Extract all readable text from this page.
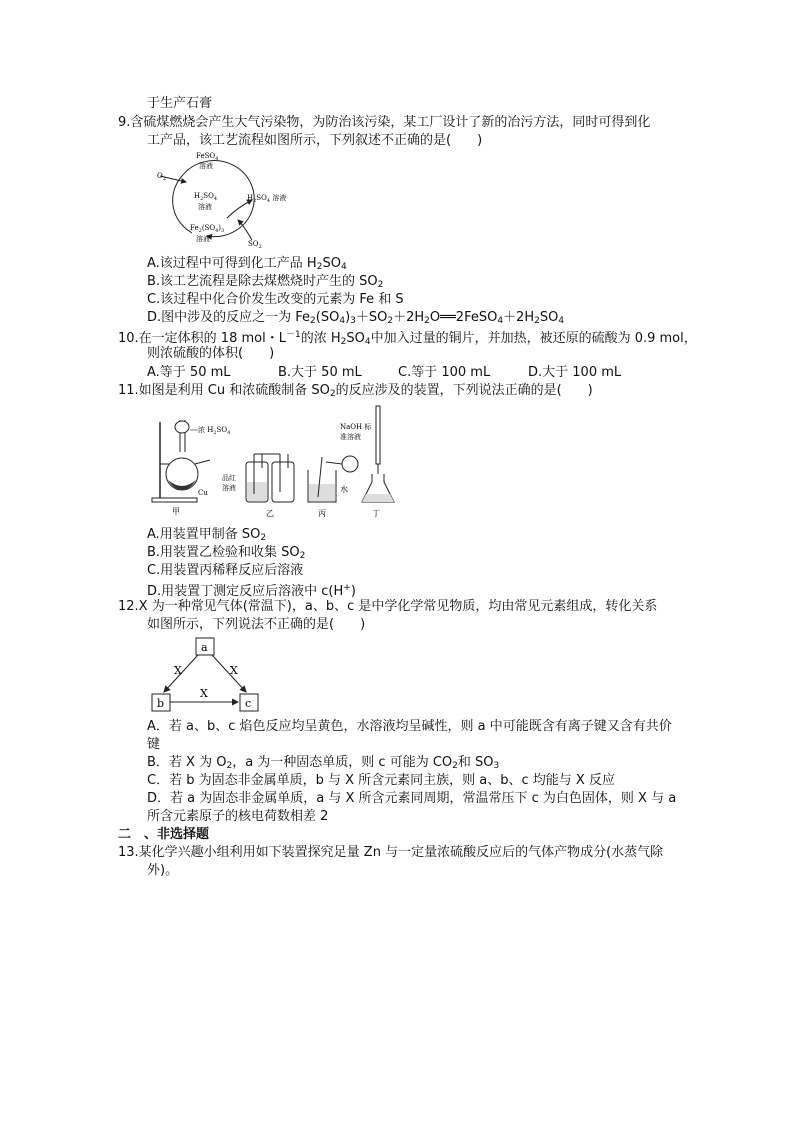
于生产石膏
9.含硫煤燃烧会产生大气污染物，为防治该污染，某工厂设计了新的冶污方法，同时可得到化
工产品，该工艺流程如图所示，下列叙述不正确的是(　　)
$O_2$
FeSO$_4$
溶液
$H_2SO_4$
溶液
$Fe_2(SO_4)_3$
溶液
$H_2SO_4$ 溶液
$SO_2$
A.该过程中可得到化工产品 $H_2SO_4$
B.该工艺流程是除去煤燃烧时产生的 $SO_2$
C.该过程中化合价发生改变的元素为 Fe 和 S
D.图中涉及的反应之一为 $Fe_2(SO_4)_3+SO_2+2H_2O══2FeSO_4+2H_2SO_4$
10.在一定体积的 18 mol・$L^{-1}$的浓 $H_2SO_4$中加入过量的铜片，并加热，被还原的硫酸为 0.9 mol，
则浓硫酸的体积(　　)
A.等于 50 mL	B.大于 50 mL	C.等于 100 mL	D.大于 100 mL
11.如图是利用 Cu 和浓硫酸制备 $SO_2$的反应涉及的装置，下列说法正确的是(　　)
浓 $H_2SO_4$
Cu
甲
品红
溶液
乙
水
丙
NaOH 标
准溶液
丁
A.用装置甲制备 $SO_2$
B.用装置乙检验和收集 $SO_2$
C.用装置丙稀释反应后溶液
D.用装置丁测定反应后溶液中 c(H+)
12.X 为一种常见气体(常温下)，a、b、c 是中学化学常见物质，均由常见元素组成，转化关系
如图所示，下列说法不正确的是(　　)
a
b	c
X	X
X
A．若 a、b、c 焰色反应均呈黄色，水溶液均呈碱性，则 a 中可能既含有离子键又含有共价
键
B．若 X 为 $O_2$，a 为一种固态单质，则 c 可能为 $CO_2$和 $SO_3$
C．若 b 为固态非金属单质，b 与 X 所含元素同主族，则 a、b、c 均能与 X 反应
D．若 a 为固态非金属单质，a 与 X 所含元素同周期，常温常压下 c 为白色固体，则 X 与 a
所含元素原子的核电荷数相差 2
二　、非选择题
13.某化学兴趣小组利用如下装置探究足量 Zn 与一定量浓硫酸反应后的气体产物成分(水蒸气除
外)。
